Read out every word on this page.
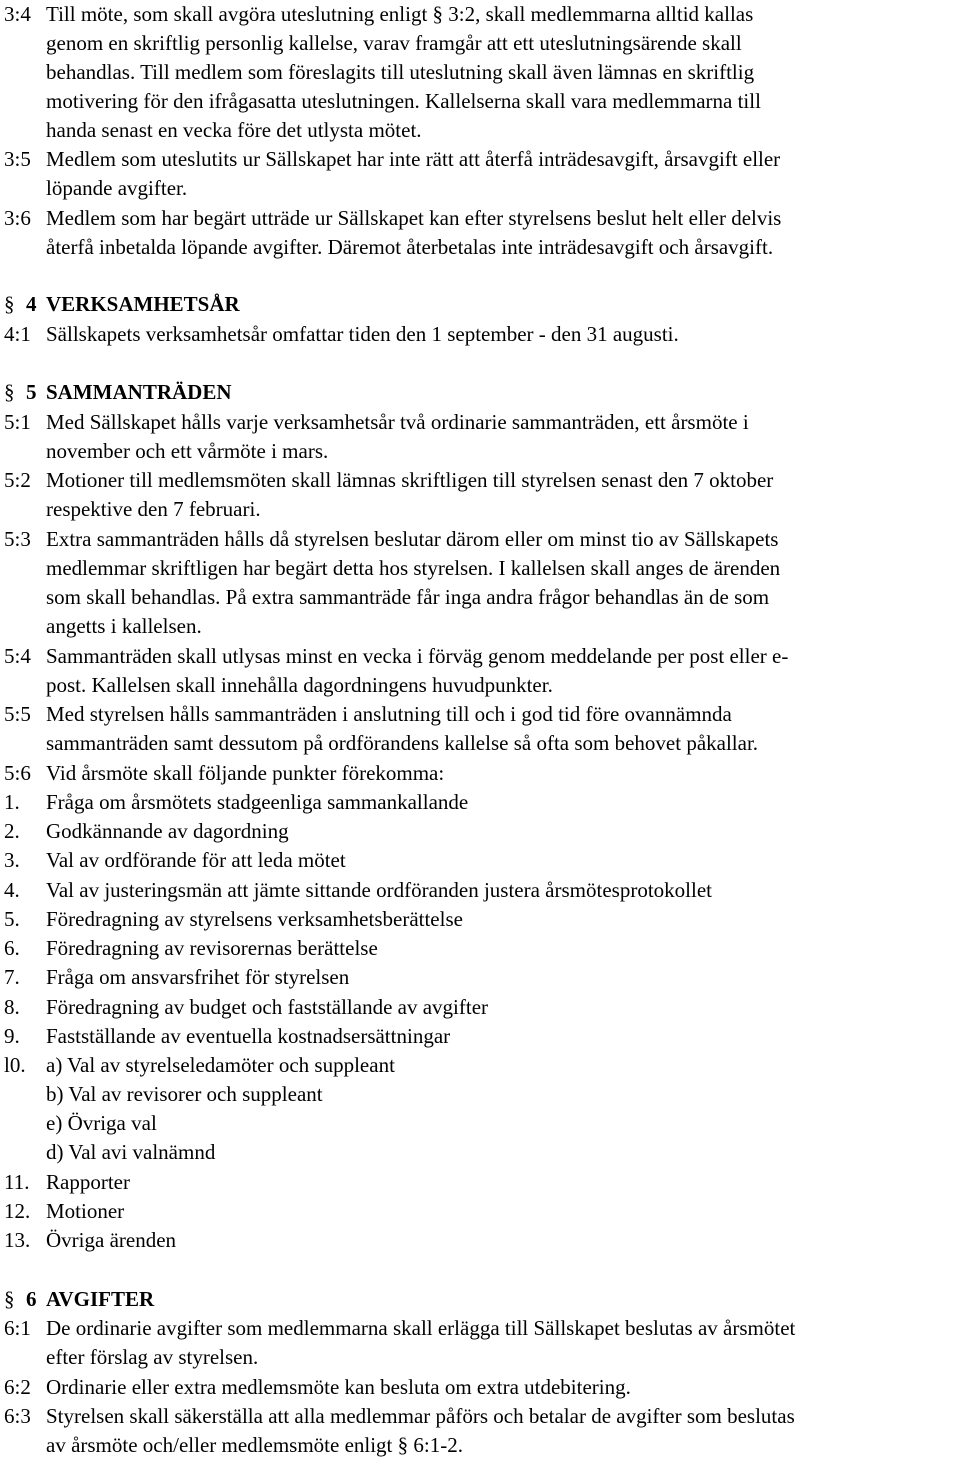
3:4 Till möte, som skall avgöra uteslutning enligt § 3:2, skall medlemmarna alltid kallas
genom en skriftlig personlig kallelse, varav framgår att ett uteslutningsärende skall
behandlas. Till medlem som föreslagits till uteslutning skall även lämnas en skriftlig
motivering för den ifrågasatta uteslutningen. Kallelserna skall vara medlemmarna till
handa senast en vecka före det utlysta mötet.
3:5 Medlem som uteslutits ur Sällskapet har inte rätt att återfå inträdesavgift, årsavgift eller
löpande avgifter.
3:6 Medlem som har begärt utträde ur Sällskapet kan efter styrelsens beslut helt eller delvis
återfå inbetalda löpande avgifter. Däremot återbetalas inte inträdesavgift och årsavgift.
§ 4 VERKSAMHETSÅR
4:1 Sällskapets verksamhetsår omfattar tiden den 1 september - den 31 augusti.
§ 5 SAMMANTRÄDEN
5:1 Med Sällskapet hålls varje verksamhetsår två ordinarie sammanträden, ett årsmöte i
november och ett vårmöte i mars.
5:2 Motioner till medlemsmöten skall lämnas skriftligen till styrelsen senast den 7 oktober
respektive den 7 februari.
5:3 Extra sammanträden hålls då styrelsen beslutar därom eller om minst tio av Sällskapets
medlemmar skriftligen har begärt detta hos styrelsen. I kallelsen skall anges de ärenden
som skall behandlas. På extra sammanträde får inga andra frågor behandlas än de som
angetts i kallelsen.
5:4 Sammanträden skall utlysas minst en vecka i förväg genom meddelande per post eller e-
post. Kallelsen skall innehålla dagordningens huvudpunkter.
5:5 Med styrelsen hålls sammanträden i anslutning till och i god tid före ovannämnda
sammanträden samt dessutom på ordförandens kallelse så ofta som behovet påkallar.
5:6 Vid årsmöte skall följande punkter förekomma:
1. Fråga om årsmötets stadgeenliga sammankallande
2. Godkännande av dagordning
3. Val av ordförande för att leda mötet
4. Val av justeringsmän att jämte sittande ordföranden justera årsmötesprotokollet
5. Föredragning av styrelsens verksamhetsberättelse
6. Föredragning av revisorernas berättelse
7. Fråga om ansvarsfrihet för styrelsen
8. Föredragning av budget och fastställande av avgifter
9. Fastställande av eventuella kostnadsersättningar
l0. a) Val av styrelseledamöter och suppleant
b) Val av revisorer och suppleant
e) Övriga val
d) Val avi valnämnd
11. Rapporter
12. Motioner
13. Övriga ärenden
§ 6 AVGIFTER
6:1 De ordinarie avgifter som medlemmarna skall erlägga till Sällskapet beslutas av årsmötet
efter förslag av styrelsen.
6:2 Ordinarie eller extra medlemsmöte kan besluta om extra utdebitering.
6:3 Styrelsen skall säkerställa att alla medlemmar påförs och betalar de avgifter som beslutas
av årsmöte och/eller medlemsmöte enligt § 6:1-2.
